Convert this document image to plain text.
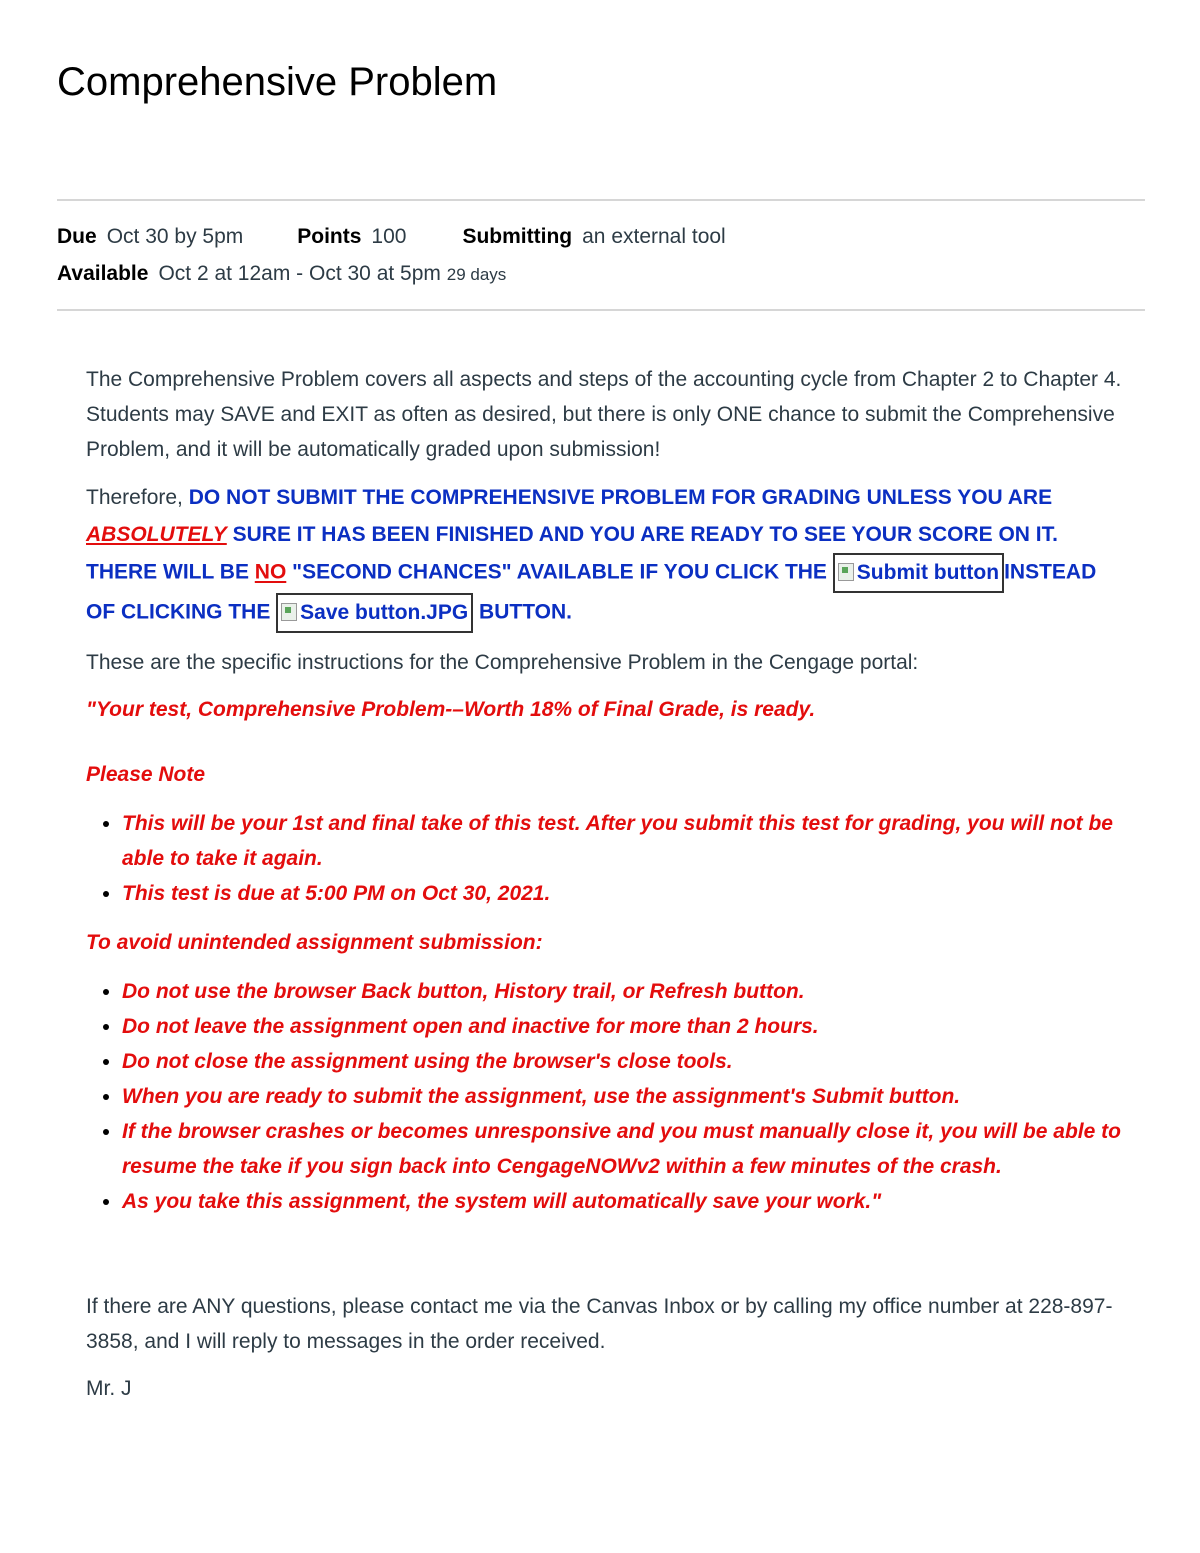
Comprehensive Problem
Due Oct 30 by 5pm	Points 100	Submitting an external tool
Available Oct 2 at 12am - Oct 30 at 5pm 29 days

The Comprehensive Problem covers all aspects and steps of the accounting cycle from Chapter 2 to Chapter 4. Students may SAVE and EXIT as often as desired, but there is only ONE chance to submit the Comprehensive Problem, and it will be automatically graded upon submission!

Therefore, DO NOT SUBMIT THE COMPREHENSIVE PROBLEM FOR GRADING UNLESS YOU ARE ABSOLUTELY SURE IT HAS BEEN FINISHED AND YOU ARE READY TO SEE YOUR SCORE ON IT. THERE WILL BE NO "SECOND CHANCES" AVAILABLE IF YOU CLICK THE Submit button INSTEAD OF CLICKING THE Save button.JPG BUTTON.

These are the specific instructions for the Comprehensive Problem in the Cengage portal:

"Your test, Comprehensive Problem-–Worth 18% of Final Grade, is ready.

Please Note

• This will be your 1st and final take of this test. After you submit this test for grading, you will not be able to take it again.
• This test is due at 5:00 PM on Oct 30, 2021.

To avoid unintended assignment submission:

• Do not use the browser Back button, History trail, or Refresh button.
• Do not leave the assignment open and inactive for more than 2 hours.
• Do not close the assignment using the browser's close tools.
• When you are ready to submit the assignment, use the assignment's Submit button.
• If the browser crashes or becomes unresponsive and you must manually close it, you will be able to resume the take if you sign back into CengageNOWv2 within a few minutes of the crash.
• As you take this assignment, the system will automatically save your work."

If there are ANY questions, please contact me via the Canvas Inbox or by calling my office number at 228-897-3858, and I will reply to messages in the order received.

Mr. J
